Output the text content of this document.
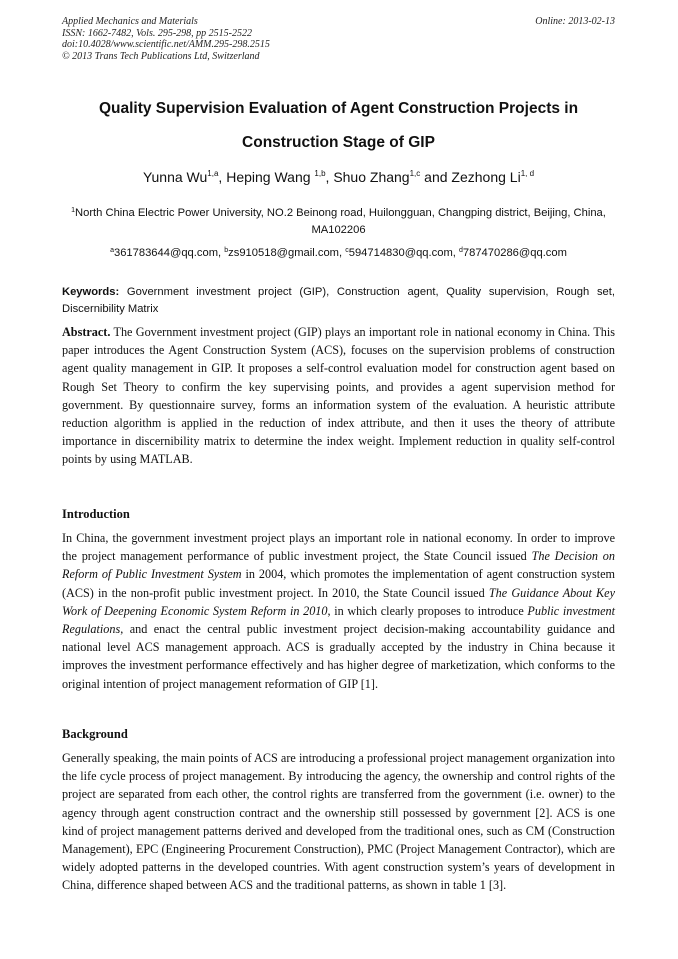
Applied Mechanics and Materials
ISSN: 1662-7482, Vols. 295-298, pp 2515-2522
doi:10.4028/www.scientific.net/AMM.295-298.2515
© 2013 Trans Tech Publications Ltd, Switzerland
Online: 2013-02-13
Quality Supervision Evaluation of Agent Construction Projects in
Construction Stage of GIP
Yunna Wu$^{1,a}$, Heping Wang $^{1,b}$, Shuo Zhang$^{1,c}$ and Zezhong Li$^{1, d}$
$^1$North China Electric Power University, NO.2 Beinong road, Huilongguan, Changping district, Beijing, China, MA102206
$^a$361783644@qq.com, $^b$zs910518@gmail.com, $^c$594714830@qq.com, $^d$787470286@qq.com
Keywords: Government investment project (GIP), Construction agent, Quality supervision, Rough set, Discernibility Matrix
Abstract. The Government investment project (GIP) plays an important role in national economy in China. This paper introduces the Agent Construction System (ACS), focuses on the supervision problems of construction agent quality management in GIP. It proposes a self-control evaluation model for construction agent based on Rough Set Theory to confirm the key supervising points, and provides a agent supervision method for government. By questionnaire survey, forms an information system of the evaluation. A heuristic attribute reduction algorithm is applied in the reduction of index attribute, and then it uses the theory of attribute importance in discernibility matrix to determine the index weight. Implement reduction in quality self-control points by using MATLAB.
Introduction
In China, the government investment project plays an important role in national economy. In order to improve the project management performance of public investment project, the State Council issued The Decision on Reform of Public Investment System in 2004, which promotes the implementation of agent construction system (ACS) in the non-profit public investment project. In 2010, the State Council issued The Guidance About Key Work of Deepening Economic System Reform in 2010, in which clearly proposes to introduce Public investment Regulations, and enact the central public investment project decision-making accountability guidance and national level ACS management approach. ACS is gradually accepted by the industry in China because it improves the investment performance effectively and has higher degree of marketization, which conforms to the original intention of project management reformation of GIP [1].
Background
Generally speaking, the main points of ACS are introducing a professional project management organization into the life cycle process of project management. By introducing the agency, the ownership and control rights of the project are separated from each other, the control rights are transferred from the government (i.e. owner) to the agency through agent construction contract and the ownership still possessed by government [2]. ACS is one kind of project management patterns derived and developed from the traditional ones, such as CM (Construction Management), EPC (Engineering Procurement Construction), PMC (Project Management Contractor), which are widely adopted patterns in the developed countries. With agent construction system’s years of development in China, difference shaped between ACS and the traditional patterns, as shown in table 1 [3].
